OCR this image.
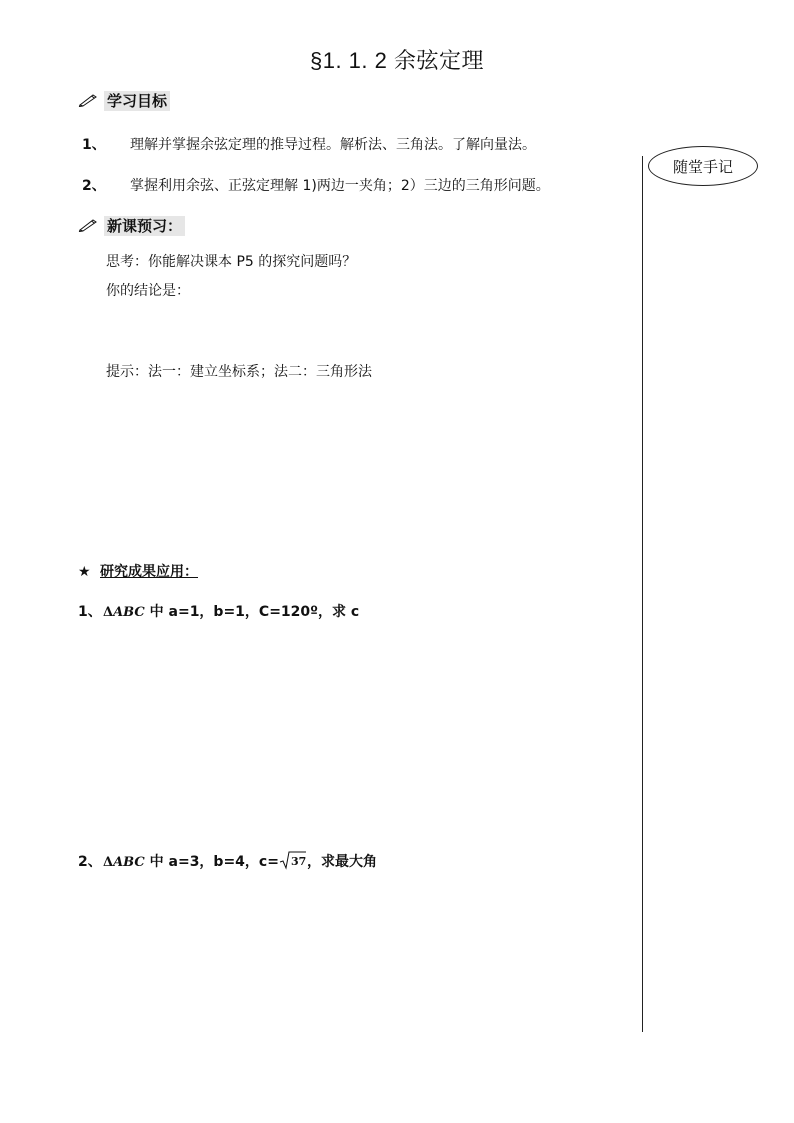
§1. 1. 2 余弦定理
随堂手记
学习目标
1、 理解并掌握余弦定理的推导过程。解析法、三角法。了解向量法。
2、 掌握利用余弦、正弦定理解 1)两边一夹角；2）三边的三角形问题。
新课预习：
思考：你能解决课本 P5 的探究问题吗？
你的结论是：
提示：法一：建立坐标系；法二：三角形法
★ 研究成果应用：
1、ΔABC 中 a=1，b=1，C=120º，求 c
2、ΔABC 中 a=3，b=4，c= 37 ，求最大角
